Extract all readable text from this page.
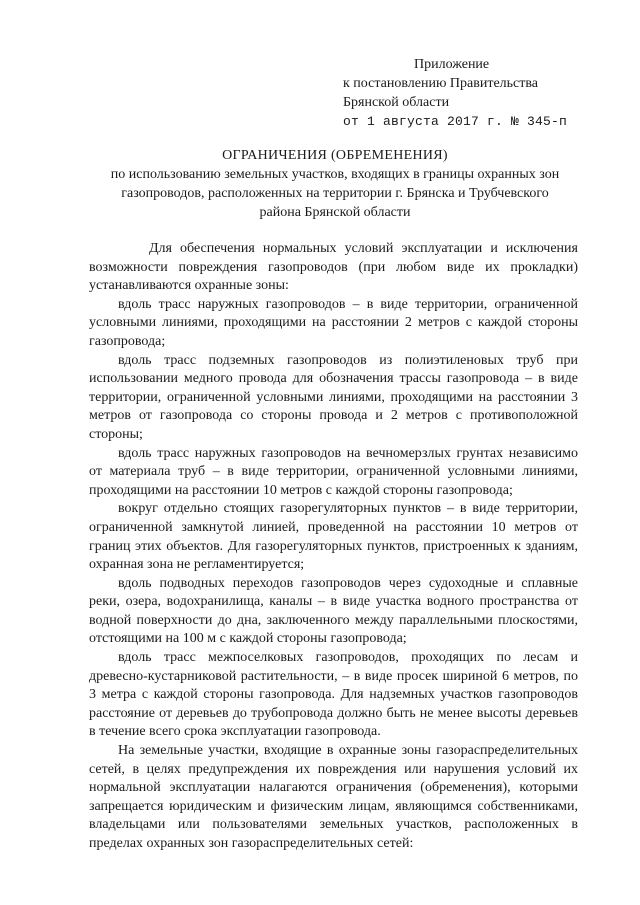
Приложение
к постановлению Правительства
Брянской области
от 1 августа 2017 г. № 345-п
ОГРАНИЧЕНИЯ (ОБРЕМЕНЕНИЯ)
по использованию земельных участков, входящих в границы охранных зон
газопроводов, расположенных на территории г. Брянска и Трубчевского
района Брянской области

Для обеспечения нормальных условий эксплуатации и исключения возможности повреждения газопроводов (при любом виде их прокладки) устанавливаются охранные зоны:

вдоль трасс наружных газопроводов – в виде территории, ограниченной условными линиями, проходящими на расстоянии 2 метров с каждой стороны газопровода;

вдоль трасс подземных газопроводов из полиэтиленовых труб при использовании медного провода для обозначения трассы газопровода – в виде территории, ограниченной условными линиями, проходящими на расстоянии 3 метров от газопровода со стороны провода и 2 метров с противоположной стороны;

вдоль трасс наружных газопроводов на вечномерзлых грунтах независимо от материала труб – в виде территории, ограниченной условными линиями, проходящими на расстоянии 10 метров с каждой стороны газопровода;

вокруг отдельно стоящих газорегуляторных пунктов – в виде территории, ограниченной замкнутой линией, проведенной на расстоянии 10 метров от границ этих объектов. Для газорегуляторных пунктов, пристроенных к зданиям, охранная зона не регламентируется;

вдоль подводных переходов газопроводов через судоходные и сплавные реки, озера, водохранилища, каналы – в виде участка водного пространства от водной поверхности до дна, заключенного между параллельными плоскостями, отстоящими на 100 м с каждой стороны газопровода;

вдоль трасс межпоселковых газопроводов, проходящих по лесам и древесно-кустарниковой растительности, – в виде просек шириной 6 метров, по 3 метра с каждой стороны газопровода. Для надземных участков газопроводов расстояние от деревьев до трубопровода должно быть не менее высоты деревьев в течение всего срока эксплуатации газопровода.

На земельные участки, входящие в охранные зоны газораспределительных сетей, в целях предупреждения их повреждения или нарушения условий их нормальной эксплуатации налагаются ограничения (обременения), которыми запрещается юридическим и физическим лицам, являющимся собственниками, владельцами или пользователями земельных участков, расположенных в пределах охранных зон газораспределительных сетей:
